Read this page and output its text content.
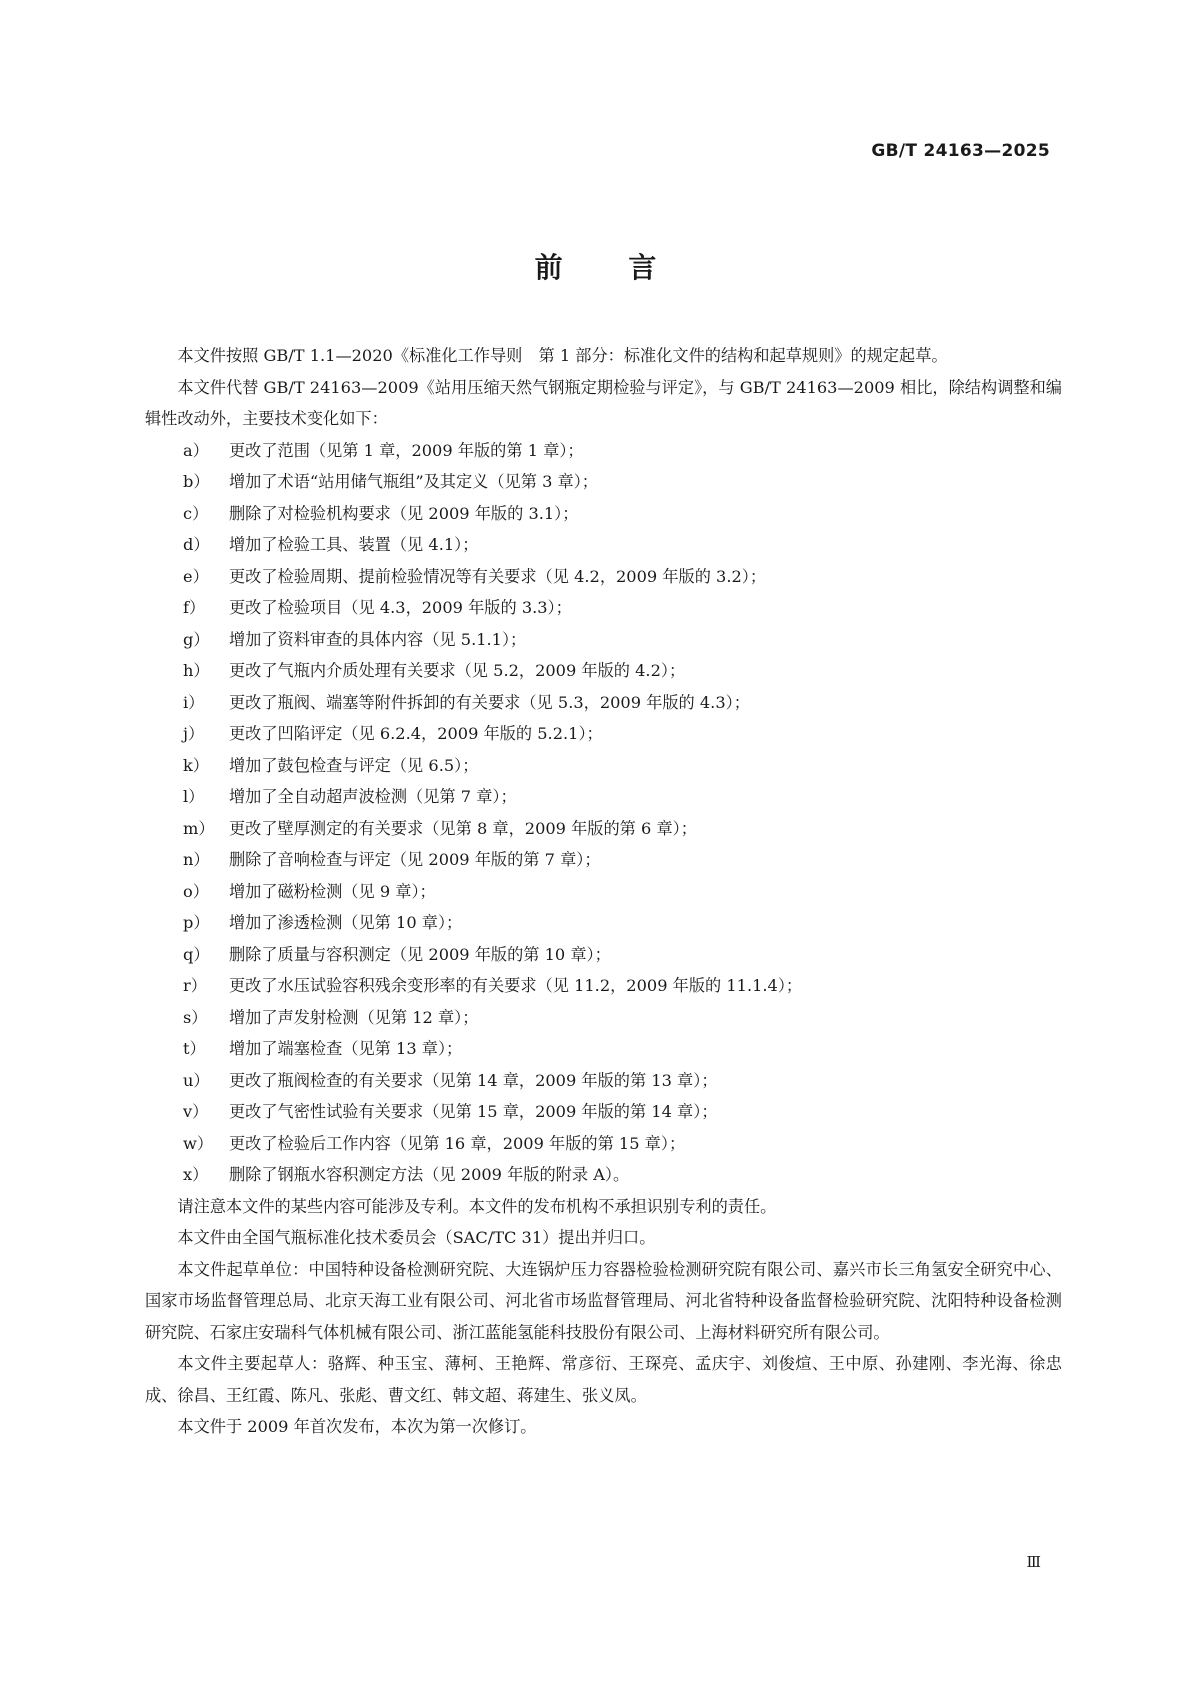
GB/T 24163—2025
前 言

本文件按照 GB/T 1.1—2020《标准化工作导则　第 1 部分：标准化文件的结构和起草规则》的规定起草。

本文件代替 GB/T 24163—2009《站用压缩天然气钢瓶定期检验与评定》，与 GB/T 24163—2009 相比，除结构调整和编辑性改动外，主要技术变化如下：

a）	更改了范围（见第 1 章，2009 年版的第 1 章）；
b）	增加了术语“站用储气瓶组”及其定义（见第 3 章）；
c）	删除了对检验机构要求（见 2009 年版的 3.1）；
d）	增加了检验工具、装置（见 4.1）；
e）	更改了检验周期、提前检验情况等有关要求（见 4.2，2009 年版的 3.2）；
f）	更改了检验项目（见 4.3，2009 年版的 3.3）；
g）	增加了资料审查的具体内容（见 5.1.1）；
h）	更改了气瓶内介质处理有关要求（见 5.2，2009 年版的 4.2）；
i）	更改了瓶阀、端塞等附件拆卸的有关要求（见 5.3，2009 年版的 4.3）；
j）	更改了凹陷评定（见 6.2.4，2009 年版的 5.2.1）；
k）	增加了鼓包检查与评定（见 6.5）；
l）	增加了全自动超声波检测（见第 7 章）；
m） 更改了壁厚测定的有关要求（见第 8 章，2009 年版的第 6 章）；
n）	删除了音响检查与评定（见 2009 年版的第 7 章）；
o）	增加了磁粉检测（见 9 章）；
p）	增加了渗透检测（见第 10 章）；
q）	删除了质量与容积测定（见 2009 年版的第 10 章）；
r）	更改了水压试验容积残余变形率的有关要求（见 11.2，2009 年版的 11.1.4）；
s）	增加了声发射检测（见第 12 章）；
t）	增加了端塞检查（见第 13 章）；
u）	更改了瓶阀检查的有关要求（见第 14 章，2009 年版的第 13 章）；
v）	更改了气密性试验有关要求（见第 15 章，2009 年版的第 14 章）；
w） 更改了检验后工作内容（见第 16 章，2009 年版的第 15 章）；
x）	删除了钢瓶水容积测定方法（见 2009 年版的附录 A）。

请注意本文件的某些内容可能涉及专利。本文件的发布机构不承担识别专利的责任。

本文件由全国气瓶标准化技术委员会（SAC/TC 31）提出并归口。

本文件起草单位：中国特种设备检测研究院、大连锅炉压力容器检验检测研究院有限公司、嘉兴市长三角氢安全研究中心、国家市场监督管理总局、北京天海工业有限公司、河北省市场监督管理局、河北省特种设备监督检验研究院、沈阳特种设备检测研究院、石家庄安瑞科气体机械有限公司、浙江蓝能氢能科技股份有限公司、上海材料研究所有限公司。

本文件主要起草人：骆辉、种玉宝、薄柯、王艳辉、常彦衍、王琛亮、孟庆宇、刘俊煊、王中原、孙建刚、李光海、徐忠成、徐昌、王红霞、陈凡、张彪、曹文红、韩文超、蒋建生、张义凤。

本文件于 2009 年首次发布，本次为第一次修订。

Ⅲ
